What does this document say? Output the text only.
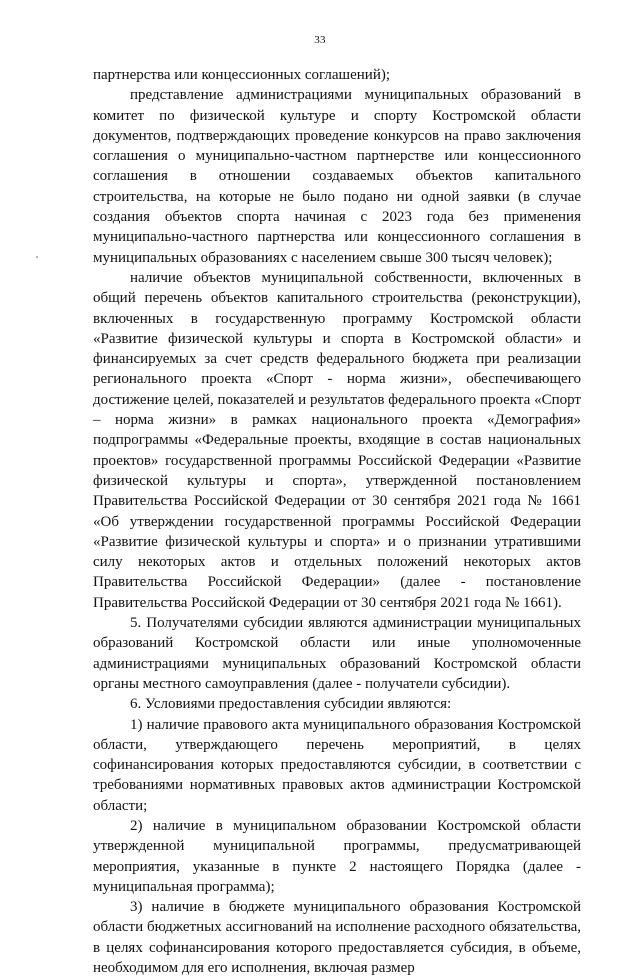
33

партнерства или концессионных соглашений);

представление администрациями муниципальных образований в комитет по физической культуре и спорту Костромской области документов, подтверждающих проведение конкурсов на право заключения соглашения о муниципально-частном партнерстве или концессионного соглашения в отношении создаваемых объектов капитального строительства, на которые не было подано ни одной заявки (в случае создания объектов спорта начиная с 2023 года без применения муниципально-частного партнерства или концессионного соглашения в муниципальных образованиях с населением свыше 300 тысяч человек);

наличие объектов муниципальной собственности, включенных в общий перечень объектов капитального строительства (реконструкции), включенных в государственную программу Костромской области «Развитие физической культуры и спорта в Костромской области» и финансируемых за счет средств федерального бюджета при реализации регионального проекта «Спорт - норма жизни», обеспечивающего достижение целей, показателей и результатов федерального проекта «Спорт – норма жизни» в рамках национального проекта «Демография» подпрограммы «Федеральные проекты, входящие в состав национальных проектов» государственной программы Российской Федерации «Развитие физической культуры и спорта», утвержденной постановлением Правительства Российской Федерации от 30 сентября 2021 года № 1661 «Об утверждении государственной программы Российской Федерации «Развитие физической культуры и спорта» и о признании утратившими силу некоторых актов и отдельных положений некоторых актов Правительства Российской Федерации» (далее - постановление Правительства Российской Федерации от 30 сентября 2021 года № 1661).

5. Получателями субсидии являются администрации муниципальных образований Костромской области или иные уполномоченные администрациями муниципальных образований Костромской области органы местного самоуправления (далее - получатели субсидии).

6. Условиями предоставления субсидии являются:

1) наличие правового акта муниципального образования Костромской области, утверждающего перечень мероприятий, в целях софинансирования которых предоставляются субсидии, в соответствии с требованиями нормативных правовых актов администрации Костромской области;

2) наличие в муниципальном образовании Костромской области утвержденной муниципальной программы, предусматривающей мероприятия, указанные в пункте 2 настоящего Порядка (далее - муниципальная программа);

3) наличие в бюджете муниципального образования Костромской области бюджетных ассигнований на исполнение расходного обязательства, в целях софинансирования которого предоставляется субсидия, в объеме, необходимом для его исполнения, включая размер
